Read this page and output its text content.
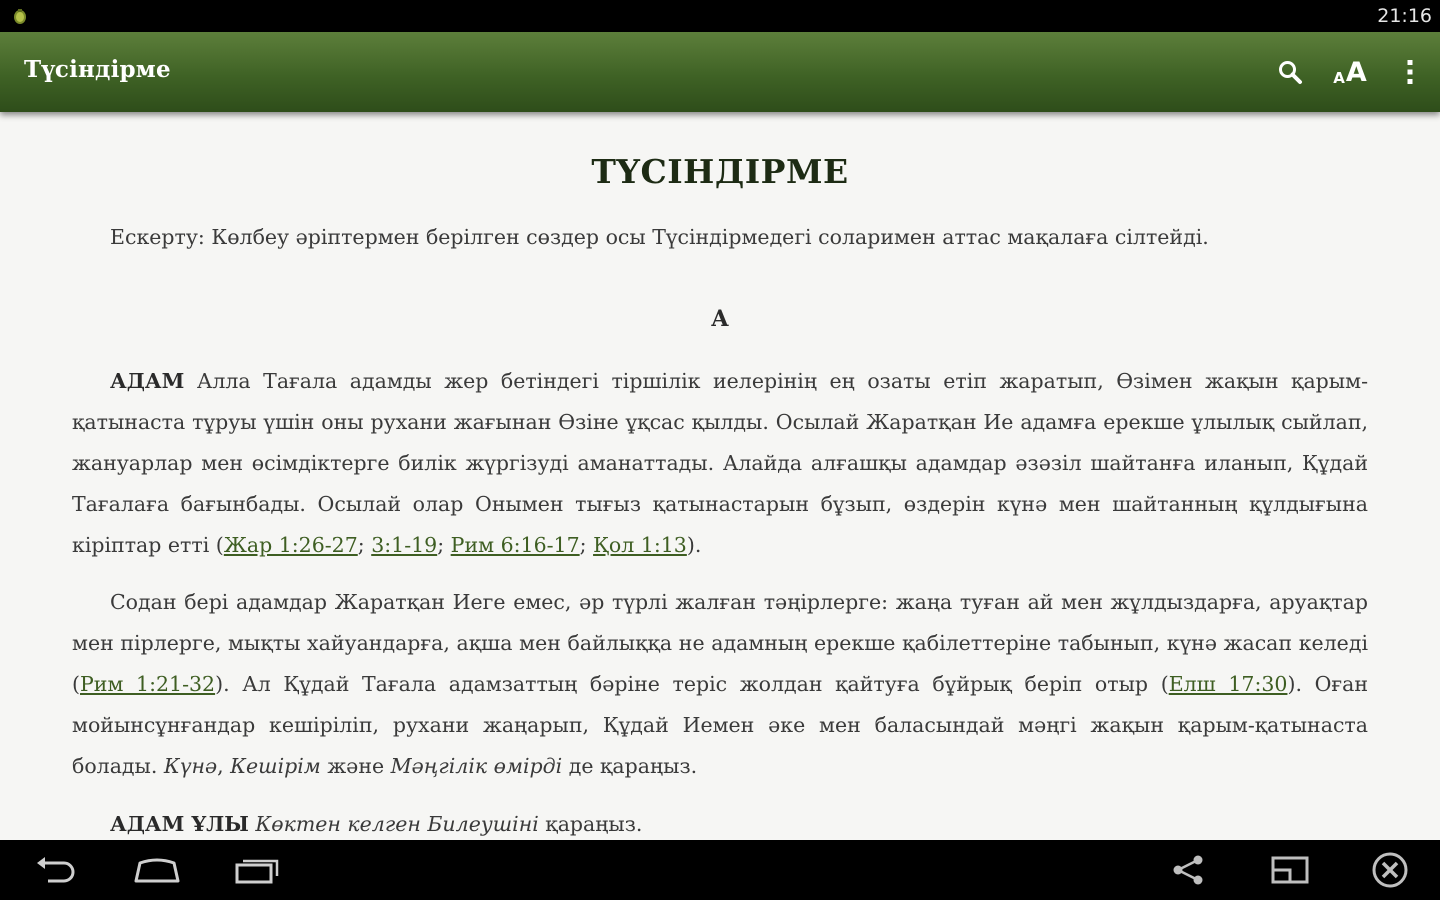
21:16
Түсіндірме	A A
ТҮСІНДІРМЕ
Ескерту: Көлбеу әріптермен берілген сөздер осы Түсіндірмедегі соларимен аттас мақалаға сілтейді.
А

АДАМ Алла Тағала адамды жер бетіндегі тіршілік иелерінің ең озаты етіп жаратып, Өзімен жақын қарым-қатынаста тұруы үшін оны рухани жағынан Өзіне ұқсас қылды. Осылай Жаратқан Ие адамға ерекше ұлылық сыйлап, жануарлар мен өсімдіктерге билік жүргізуді аманаттады. Алайда алғашқы адамдар әзәзіл шайтанға иланып, Құдай Тағалаға бағынбады. Осылай олар Онымен тығыз қатынастарын бұзып, өздерін күнә мен шайтанның құлдығына кіріптар етті (Жар 1:26-27; 3:1-19; Рим 6:16-17; Қол 1:13).

Содан бері адамдар Жаратқан Иеге емес, әр түрлі жалған тәңірлерге: жаңа туған ай мен жұлдыздарға, аруақтар мен пірлерге, мықты хайуандарға, ақша мен байлыққа не адамның ерекше қабілеттеріне табынып, күнә жасап келеді (Рим 1:21-32). Ал Құдай Тағала адамзаттың бәріне теріс жолдан қайтуға бұйрық беріп отыр (Елш 17:30). Оған мойынсұнғандар кешіріліп, рухани жаңарып, Құдай Иемен әке мен баласындай мәңгі жақын қарым-қатынаста болады. Күнә, Кешірім және Мәңгілік өмірді де қараңыз.

АДАМ ҰЛЫ Көктен келген Билеушіні қараңыз.
